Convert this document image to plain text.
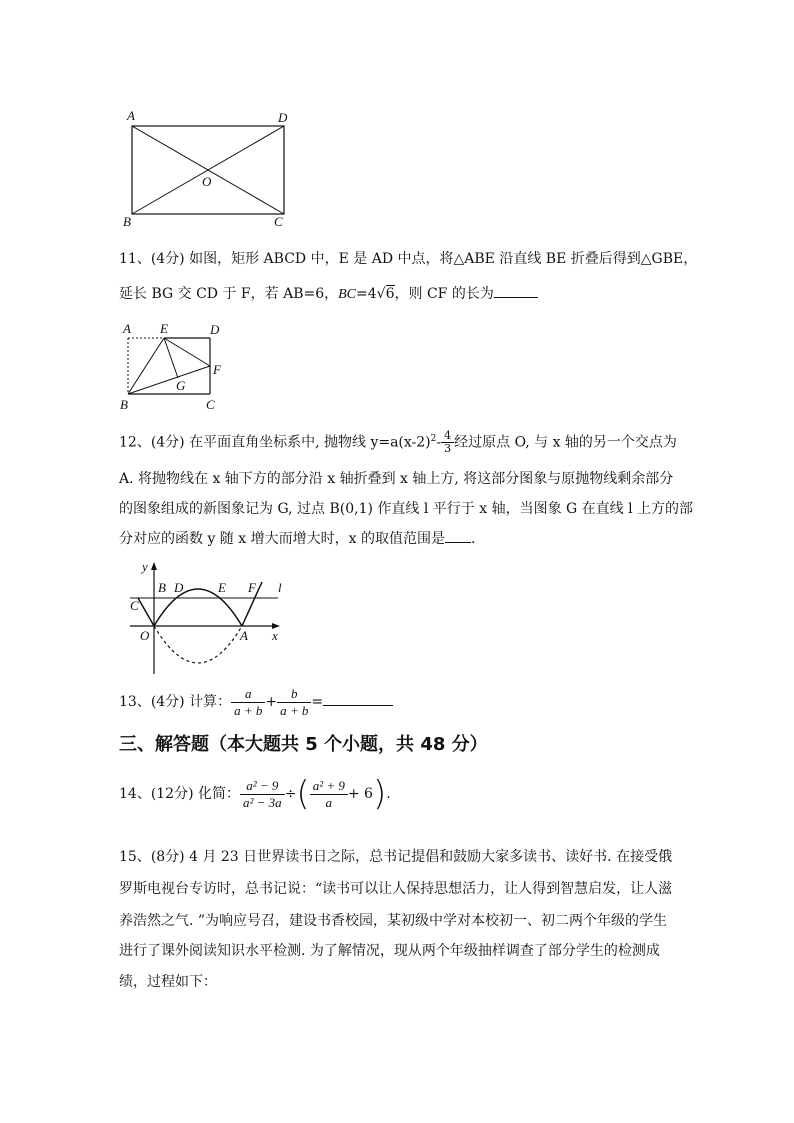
A	D
O
B	C
11、(4分) 如图，矩形 ABCD 中，E 是 AD 中点，将△ABE 沿直线 BE 折叠后得到△GBE，
延长 BG 交 CD 于 F，若 AB=6，BC=4√6，则 CF 的长为
A E	D
F
G
B	C
12、(4分) 在平面直角坐标系中, 抛物线 $y=a(x-2)^2- \frac{4}{3}$ 经过原点 O, 与 x 轴的另一个交点为
A. 将抛物线在 x 轴下方的部分沿 x 轴折叠到 x 轴上方, 将这部分图象与原抛物线剩余部分
的图象组成的新图象记为 G, 过点 B(0,1) 作直线 l 平行于 x 轴，当图象 G 在直线 l 上方的部
分对应的函数 y 随 x 增大而增大时，x 的取值范围是 .
y
B D	E F l
C
O	A x
13、(4分) 计算： $\frac{a}{a + b} + \frac{b}{a + b}$ =
三、解答题（本大题共 5 个小题，共 48 分）
14、(12分) 化简： $\frac{\text{a² − 9}}{\text{a² − 3a}}$ ÷( $\frac{\text{a² + 9}}{a} + 6$).
15、(8分) 4 月 23 日世界读书日之际，总书记提倡和鼓励大家多读书、读好书. 在接受俄
罗斯电视台专访时，总书记说：“读书可以让人保持思想活力，让人得到智慧启发，让人滋
养浩然之气. ”为响应号召，建设书香校园，某初级中学对本校初一、初二两个年级的学生
进行了课外阅读知识水平检测. 为了解情况，现从两个年级抽样调查了部分学生的检测成
绩，过程如下：
